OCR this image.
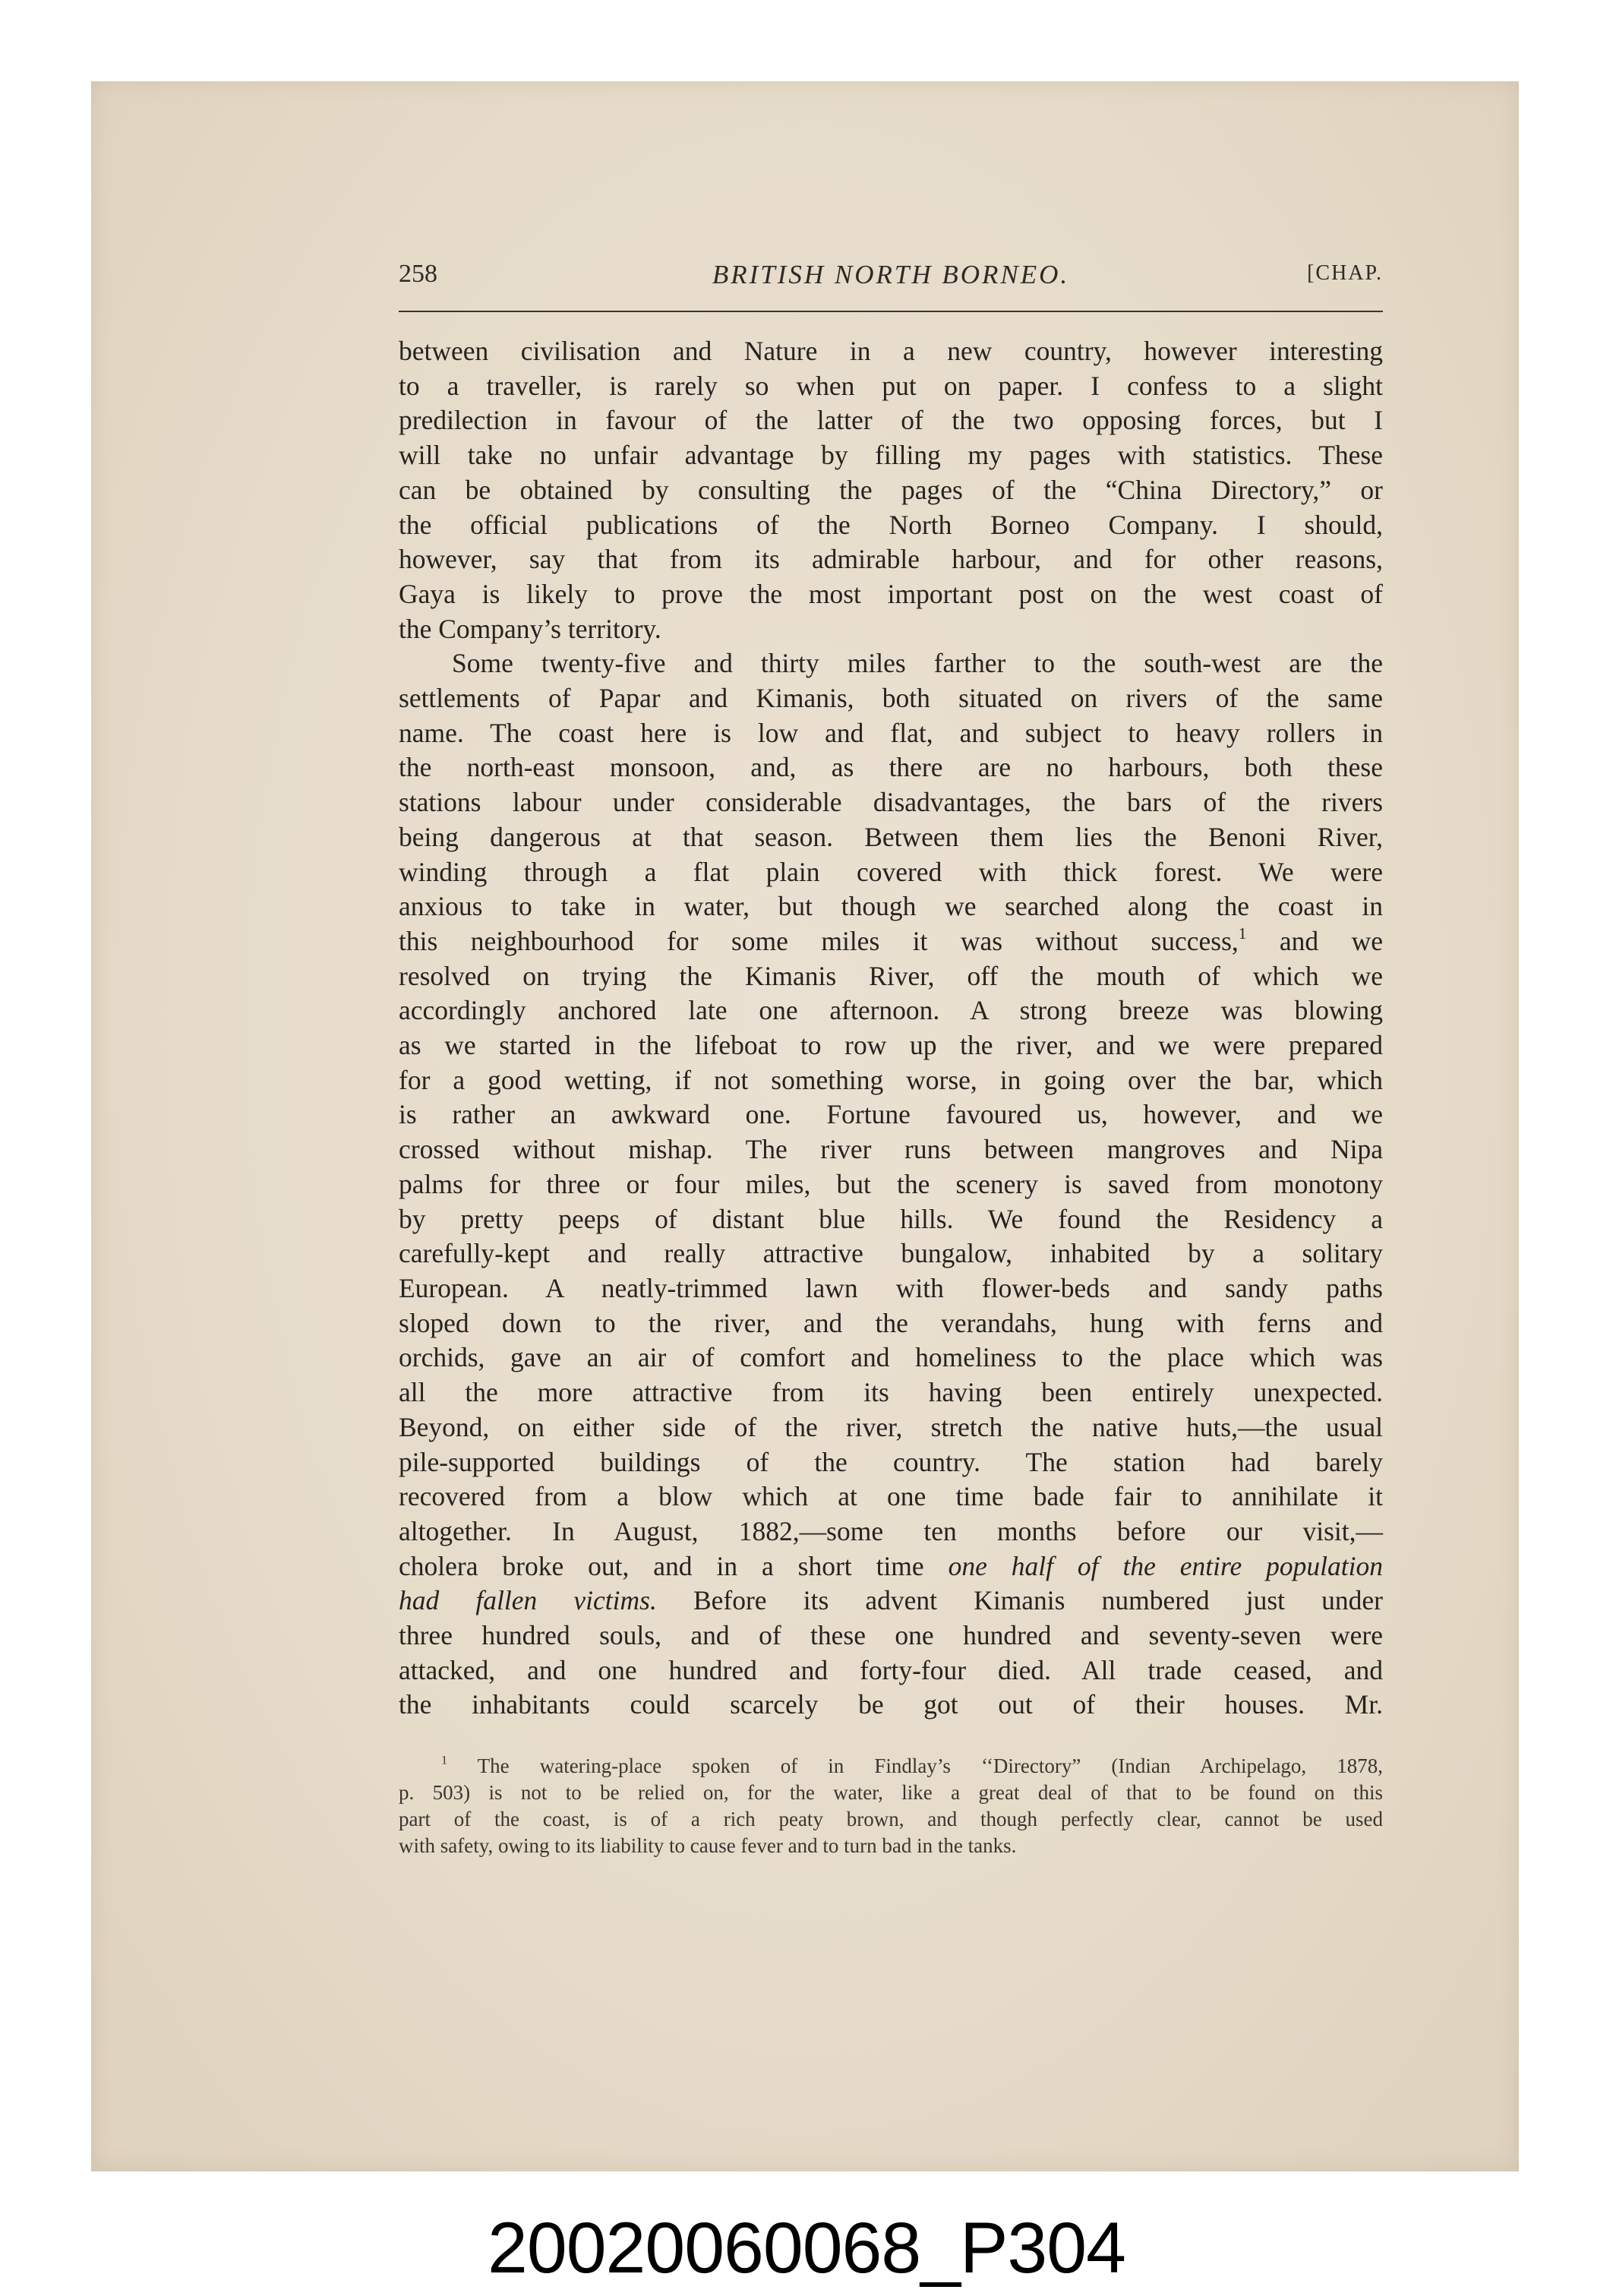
258	BRITISH NORTH BORNEO.	[CHAP.
between civilisation and Nature in a new country, however interesting
to a traveller, is rarely so when put on paper. I confess to a slight
predilection in favour of the latter of the two opposing forces, but I
will take no unfair advantage by filling my pages with statistics. These
can be obtained by consulting the pages of the “China Directory,” or
the official publications of the North Borneo Company. I should,
however, say that from its admirable harbour, and for other reasons,
Gaya is likely to prove the most important post on the west coast of
the Company’s territory.
Some twenty-five and thirty miles farther to the south-west are the
settlements of Papar and Kimanis, both situated on rivers of the same
name. The coast here is low and flat, and subject to heavy rollers in
the north-east monsoon, and, as there are no harbours, both these
stations labour under considerable disadvantages, the bars of the rivers
being dangerous at that season. Between them lies the Benoni River,
winding through a flat plain covered with thick forest. We were
anxious to take in water, but though we searched along the coast in
this neighbourhood for some miles it was without success,$^1$ and we
resolved on trying the Kimanis River, off the mouth of which we
accordingly anchored late one afternoon. A strong breeze was blowing
as we started in the lifeboat to row up the river, and we were prepared
for a good wetting, if not something worse, in going over the bar, which
is rather an awkward one. Fortune favoured us, however, and we
crossed without mishap. The river runs between mangroves and Nipa
palms for three or four miles, but the scenery is saved from monotony
by pretty peeps of distant blue hills. We found the Residency a
carefully-kept and really attractive bungalow, inhabited by a solitary
European. A neatly-trimmed lawn with flower-beds and sandy paths
sloped down to the river, and the verandahs, hung with ferns and
orchids, gave an air of comfort and homeliness to the place which was
all the more attractive from its having been entirely unexpected.
Beyond, on either side of the river, stretch the native huts,—the usual
pile-supported buildings of the country. The station had barely
recovered from a blow which at one time bade fair to annihilate it
altogether. In August, 1882,—some ten months before our visit,—
cholera broke out, and in a short time one half of the entire population
had fallen victims. Before its advent Kimanis numbered just under
three hundred souls, and of these one hundred and seventy-seven were
attacked, and one hundred and forty-four died. All trade ceased, and
the inhabitants could scarcely be got out of their houses. Mr.
$^1$ The watering-place spoken of in Findlay’s ‘‘Directory” (Indian Archipelago, 1878,
p. 503) is not to be relied on, for the water, like a great deal of that to be found on this
part of the coast, is of a rich peaty brown, and though perfectly clear, cannot be used
with safety, owing to its liability to cause fever and to turn bad in the tanks.
20020060068_P304
